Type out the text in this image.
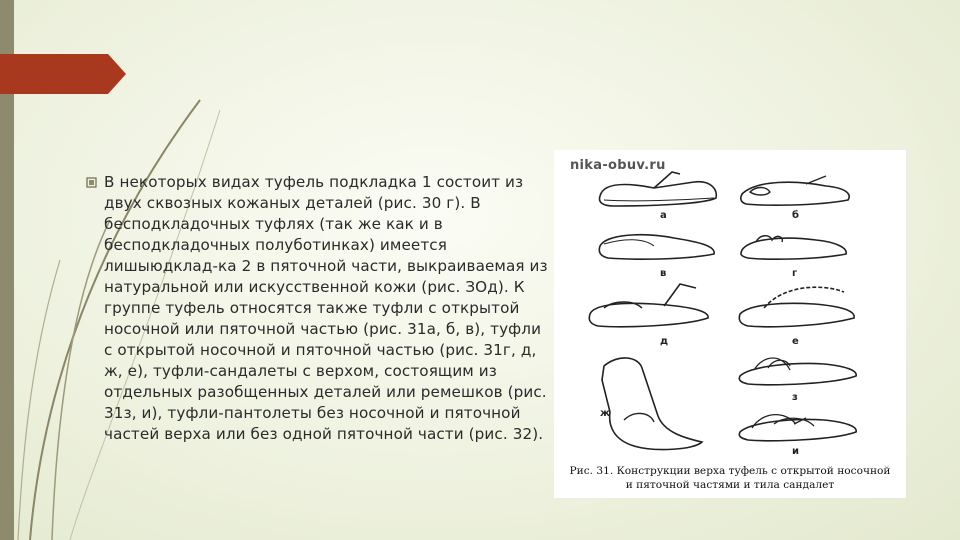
В некоторых видах туфель подкладка 1 состоит из двух сквозных кожаных деталей (рис. 30 г). В бесподкладочных туфлях (так же как и в бесподкладочных полуботинках) имеется лишыюдклад-ка 2 в пяточной части, выкраиваемая из натуральной или искусственной кожи (рис. ЗОд). К группе туфель относятся также туфли с открытой носочной или пяточной частью (рис. 31а, б, в), туфли с открытой носочной и пяточной частью (рис. 31г, д, ж, е), туфли-сандалеты с верхом, состоящим из отдельных разобщенных деталей или ремешков (рис. 31з, и), туфли-пантолеты без носочной и пяточной частей верха или без одной пяточной части (рис. 32).
nika-obuv.ru
а	б
в	г
д	е
ж
з
и
Рис. 31. Конструкции верха туфель с открытой носочной
и пяточной частями и тила сандалет
